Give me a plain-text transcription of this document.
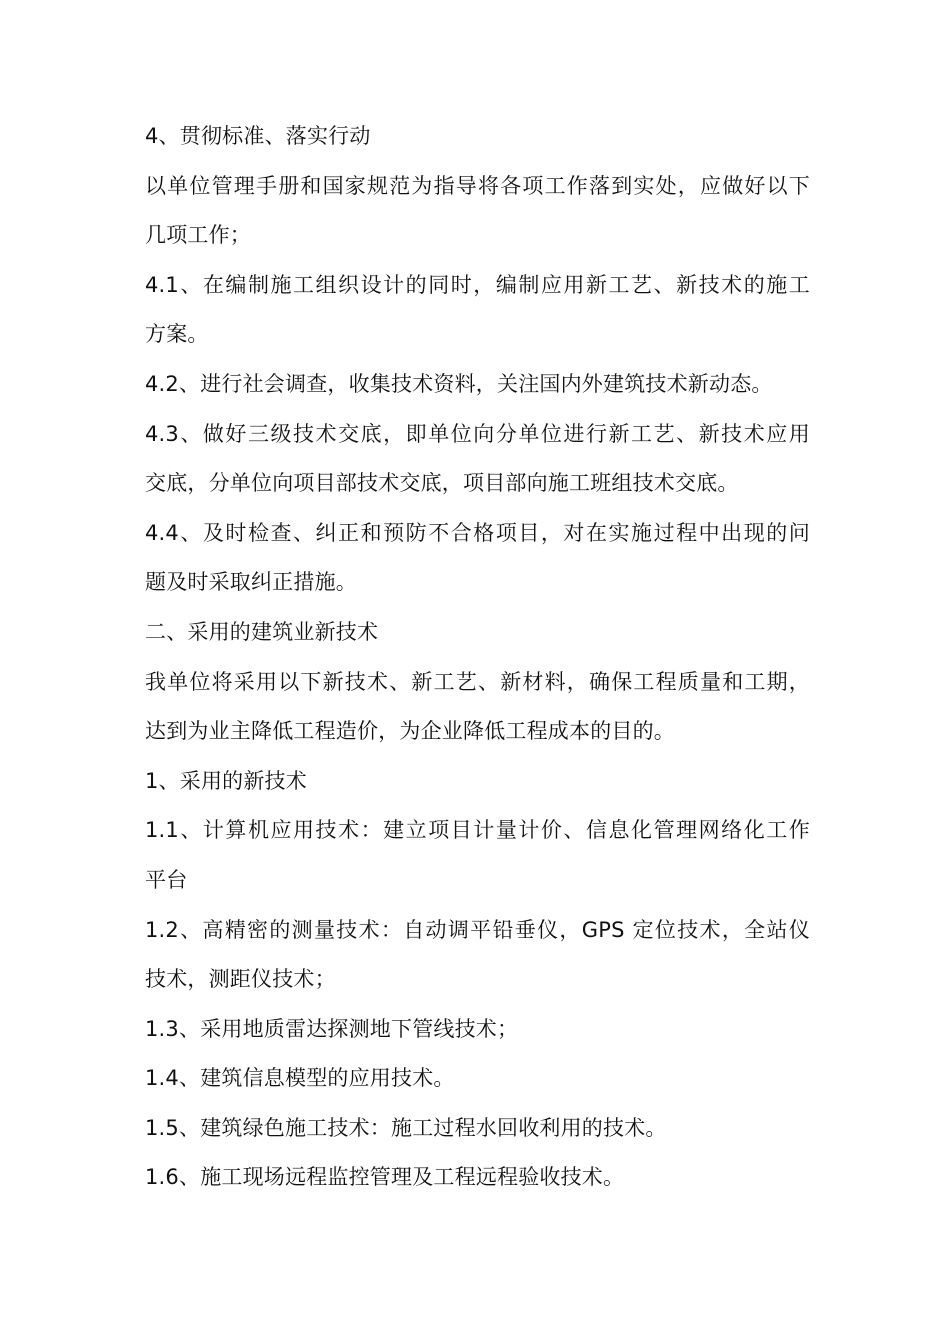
4、贯彻标准、落实行动
以单位管理手册和国家规范为指导将各项工作落到实处，应做好以下
几项工作；
4.1、在编制施工组织设计的同时，编制应用新工艺、新技术的施工
方案。
4.2、进行社会调查，收集技术资料，关注国内外建筑技术新动态。
4.3、做好三级技术交底，即单位向分单位进行新工艺、新技术应用
交底，分单位向项目部技术交底，项目部向施工班组技术交底。
4.4、及时检查、纠正和预防不合格项目，对在实施过程中出现的问
题及时采取纠正措施。
二、采用的建筑业新技术
我单位将采用以下新技术、新工艺、新材料，确保工程质量和工期，
达到为业主降低工程造价，为企业降低工程成本的目的。
1、采用的新技术
1.1、计算机应用技术：建立项目计量计价、信息化管理网络化工作
平台
1.2、高精密的测量技术：自动调平铅垂仪，GPS 定位技术，全站仪
技术，测距仪技术；
1.3、采用地质雷达探测地下管线技术；
1.4、建筑信息模型的应用技术。
1.5、建筑绿色施工技术：施工过程水回收利用的技术。
1.6、施工现场远程监控管理及工程远程验收技术。
